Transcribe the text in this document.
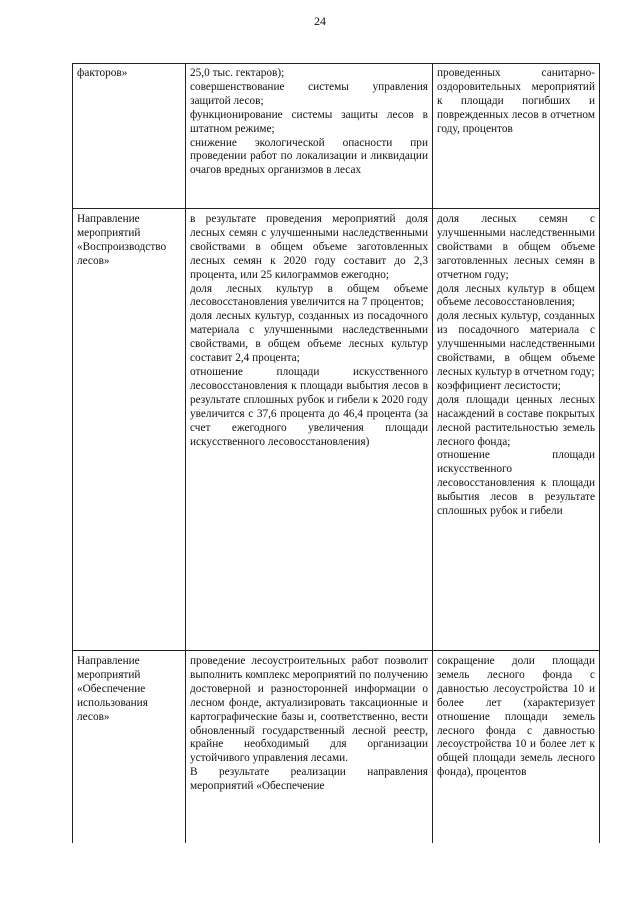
24

факторов»	25,0 тыс. гектаров);

совершенствование системы управления защитой лесов;

функционирование системы защиты лесов в штатном режиме;

снижение экологической опасности при проведении работ по локализации и ликвидации очагов вредных организмов в лесах

проведенных санитарно-оздоровительных мероприятий к площади погибших и поврежденных лесов в отчетном году, процентов

Направление мероприятий «Воспроизводство лесов»

в результате проведения мероприятий доля лесных семян с улучшенными наследственными свойствами в общем объеме заготовленных лесных семян к 2020 году составит до 2,3 процента, или 25 килограммов ежегодно;

доля лесных культур в общем объеме лесовосстановления увеличится на 7 процентов;

доля лесных культур, созданных из посадочного материала с улучшенными наследственными свойствами, в общем объеме лесных культур составит 2,4 процента;

отношение площади искусственного лесовосстановления к площади выбытия лесов в результате сплошных рубок и гибели к 2020 году увеличится с 37,6 процента до 46,4 процента (за счет ежегодного увеличения площади искусственного лесовосстановления)

доля лесных семян с улучшенными наследственными свойствами в общем объеме заготовленных лесных семян в отчетном году;

доля лесных культур в общем объеме лесовосстановления;

доля лесных культур, созданных из посадочного материала с улучшенными наследственными свойствами, в общем объеме лесных культур в отчетном году;

коэффициент лесистости;

доля площади ценных лесных насаждений в составе покрытых лесной растительностью земель лесного фонда;

отношение площади искусственного лесовосстановления к площади выбытия лесов в результате сплошных рубок и гибели

Направление мероприятий «Обеспечение использования лесов»

проведение лесоустроительных работ позволит выполнить комплекс мероприятий по получению достоверной и разносторонней информации о лесном фонде, актуализировать таксационные и картографические базы и, соответственно, вести обновленный государственный лесной реестр, крайне необходимый для организации устойчивого управления лесами.

В результате реализации направления мероприятий «Обеспечение

сокращение доли площади земель лесного фонда с давностью лесоустройства 10 и более лет (характеризует отношение площади земель лесного фонда с давностью лесоустройства 10 и более лет к общей площади земель лесного фонда), процентов
